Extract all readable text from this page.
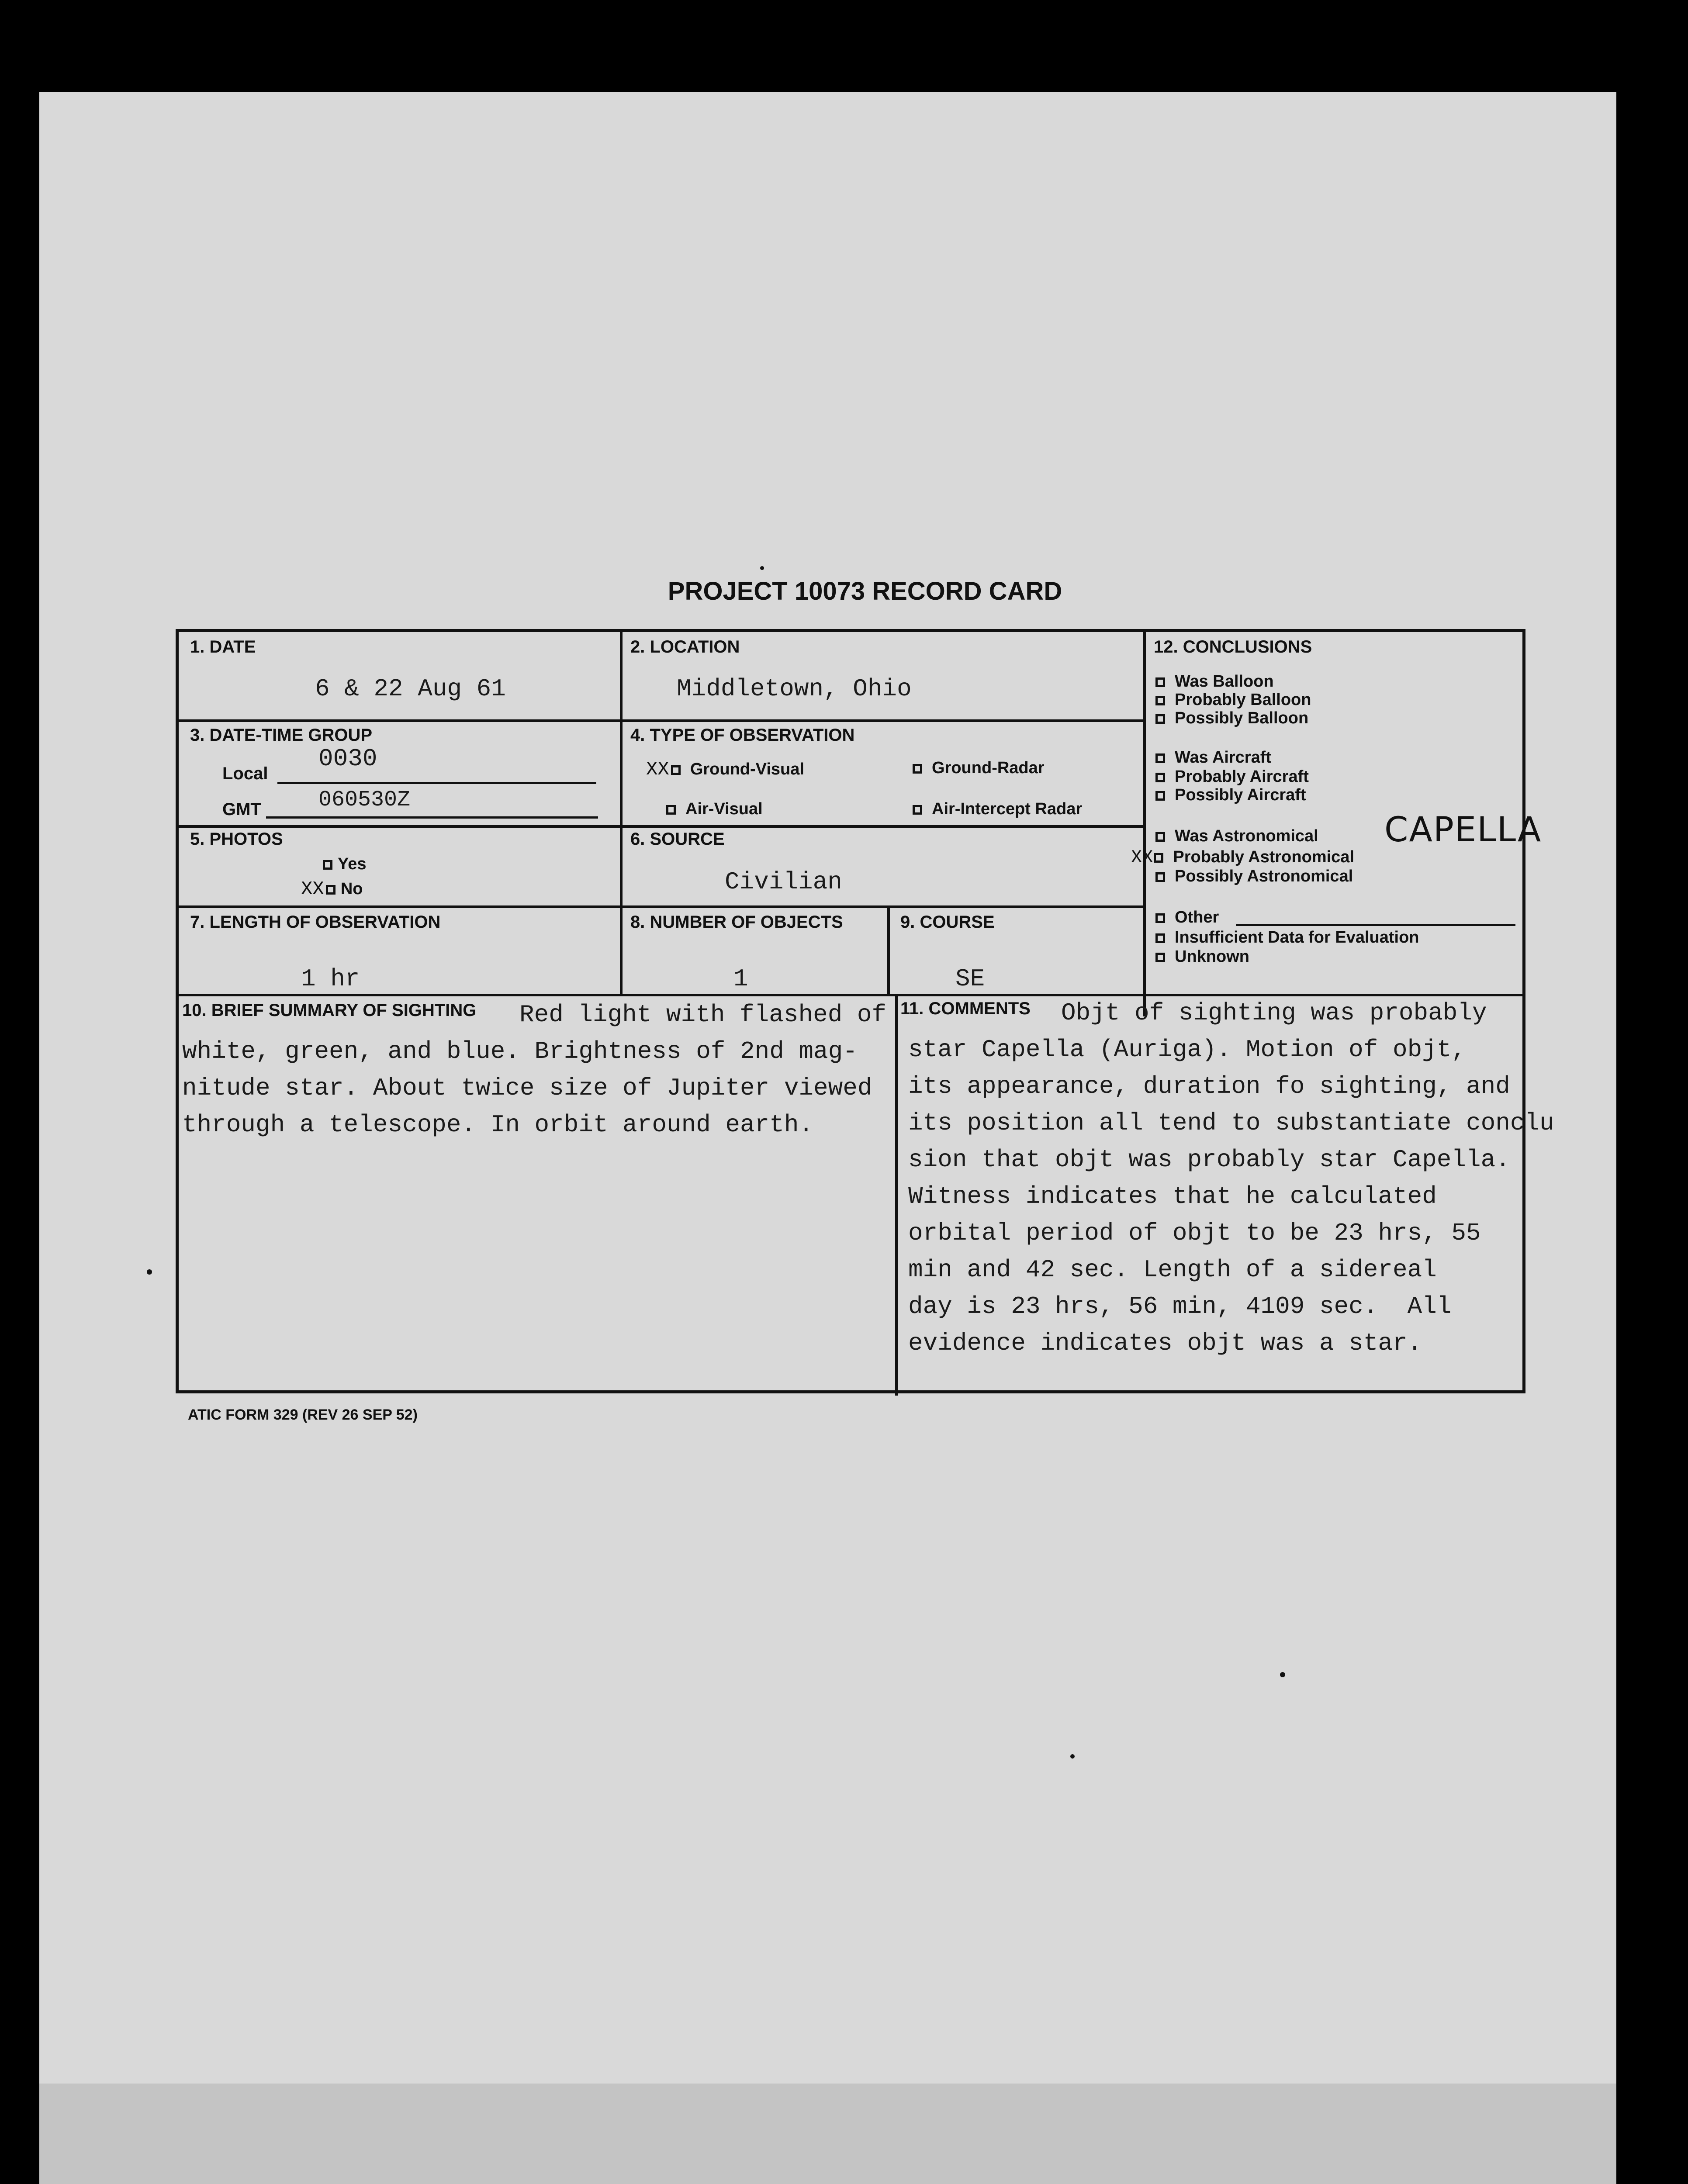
PROJECT 10073 RECORD CARD
1. DATE
6 & 22 Aug 61
2. LOCATION
Middletown, Ohio
3. DATE-TIME GROUP
Local
0030
GMT	060530Z
4. TYPE OF OBSERVATION
XX Ground-Visual	Ground-Radar
Air-Visual	Air-Intercept Radar
5. PHOTOS
Yes
XX No
6. SOURCE
Civilian
7. LENGTH OF OBSERVATION
1 hr
8. NUMBER OF OBJECTS
1
9. COURSE
SE
12. CONCLUSIONS
Was Balloon
Probably Balloon
Possibly Balloon
Was Aircraft
Probably Aircraft
Possibly Aircraft
Was Astronomical CAPELLA
XX Probably Astronomical
Possibly Astronomical
Other
Insufficient Data for Evaluation
Unknown
10. BRIEF SUMMARY OF SIGHTING Red light with flashed of
white, green, and blue. Brightness of 2nd mag-
nitude star. About twice size of Jupiter viewed
through a telescope. In orbit around earth.
11. COMMENTS Objt of sighting was probably
star Capella (Auriga). Motion of objt,
its appearance, duration fo sighting, and
its position all tend to substantiate conclu
sion that objt was probably star Capella.
Witness indicates that he calculated
orbital period of objt to be 23 hrs, 55
min and 42 sec. Length of a sidereal
day is 23 hrs, 56 min, 4109 sec.  All
evidence indicates objt was a star.
ATIC FORM 329 (REV 26 SEP 52)
